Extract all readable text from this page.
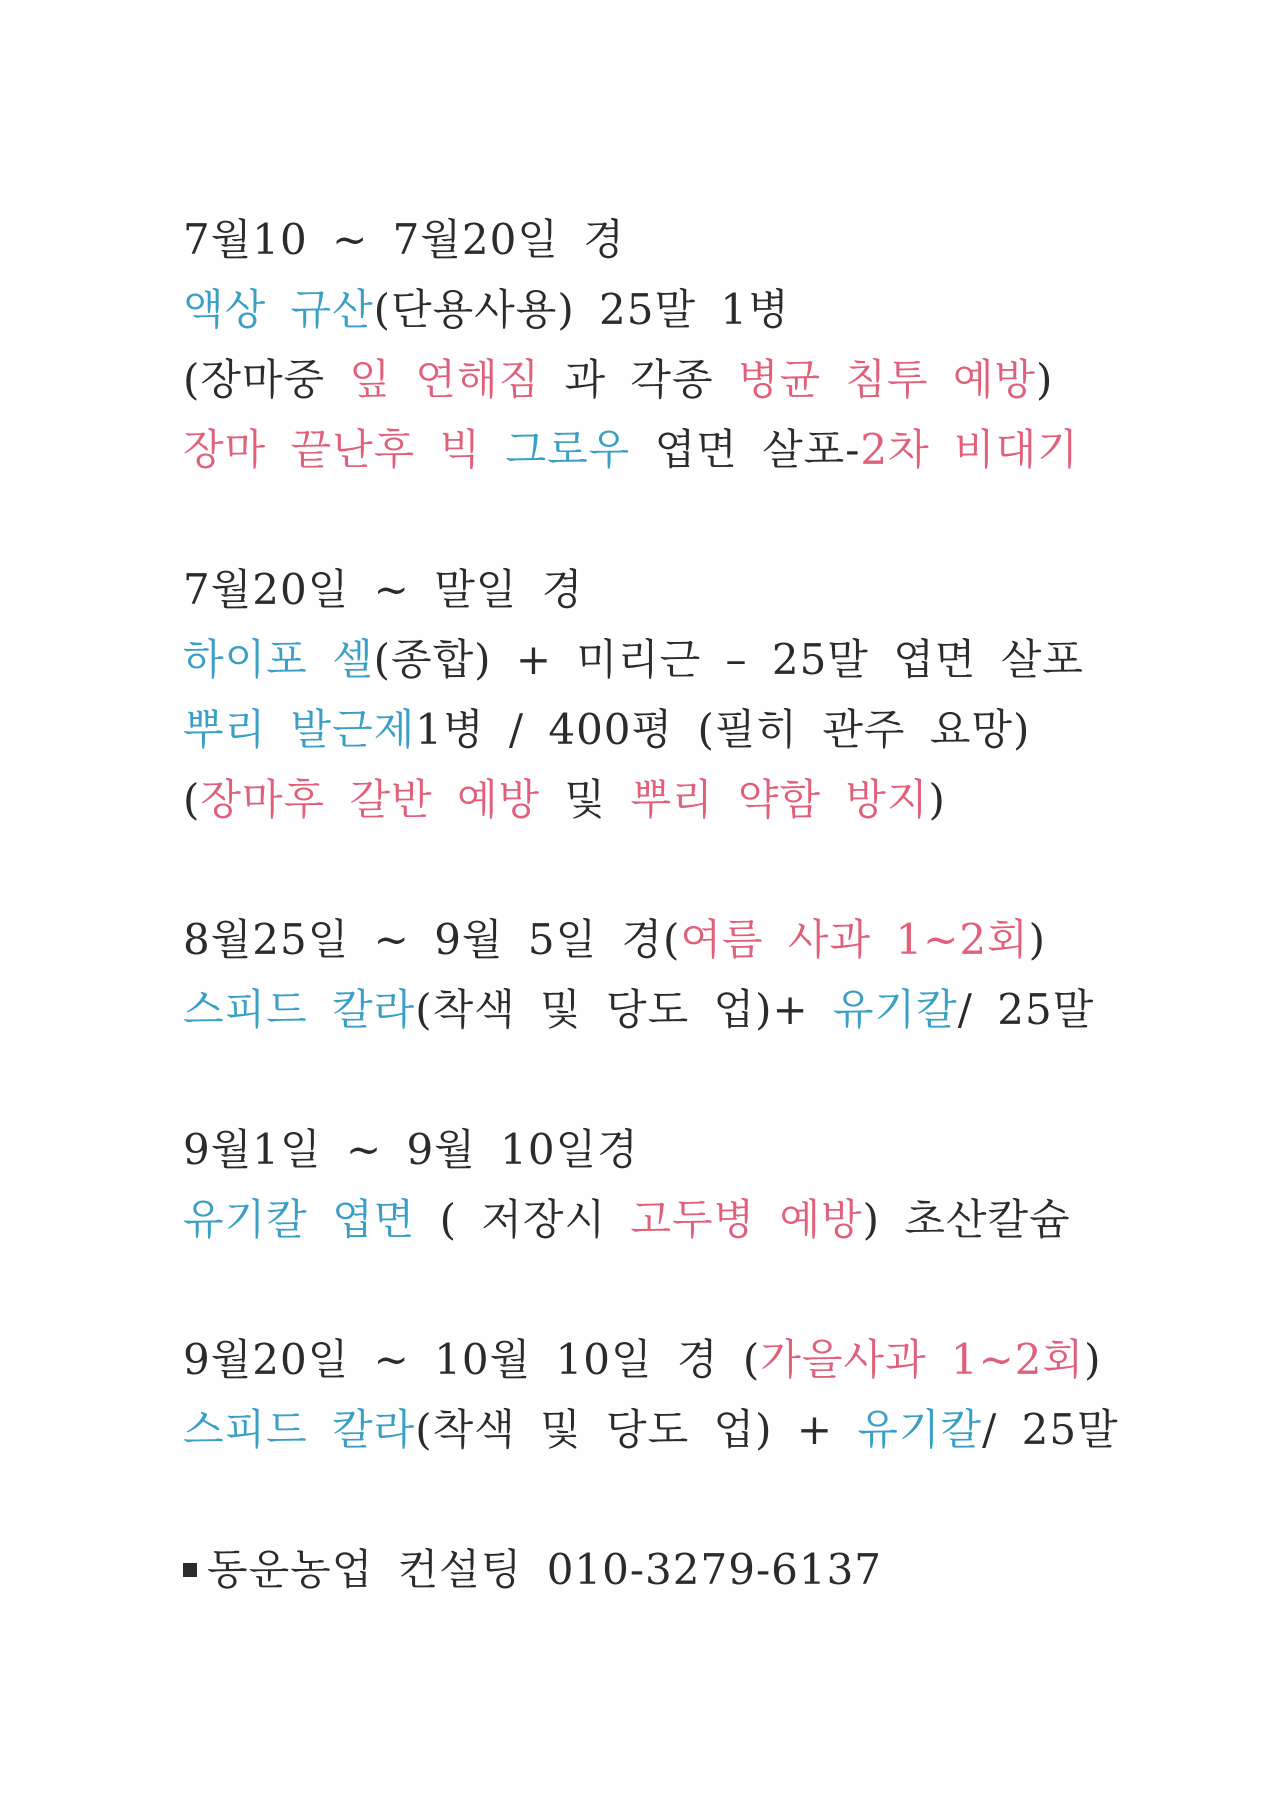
7월10 ~ 7월20일 경
액상 규산(단용사용) 25말 1병
(장마중 잎 연해짐 과 각종 병균 침투 예방)
장마 끝난후 빅 그로우 엽면 살포-2차 비대기
7월20일 ~ 말일 경
하이포 셀(종합) + 미리근 – 25말 엽면 살포
뿌리 발근제1병 / 400평 (필히 관주 요망)
(장마후 갈반 예방 및 뿌리 약함 방지)
8월25일 ~ 9월 5일 경(여름 사과 1~2회)
스피드 칼라(착색 및 당도 업)+ 유기칼/ 25말
9월1일 ~ 9월 10일경
유기칼 엽면 ( 저장시 고두병 예방) 초산칼슘
9월20일 ~ 10월 10일 경 (가을사과 1~2회)
스피드 칼라(착색 및 당도 업) + 유기칼/ 25말
동운농업 컨설팅 010-3279-6137
